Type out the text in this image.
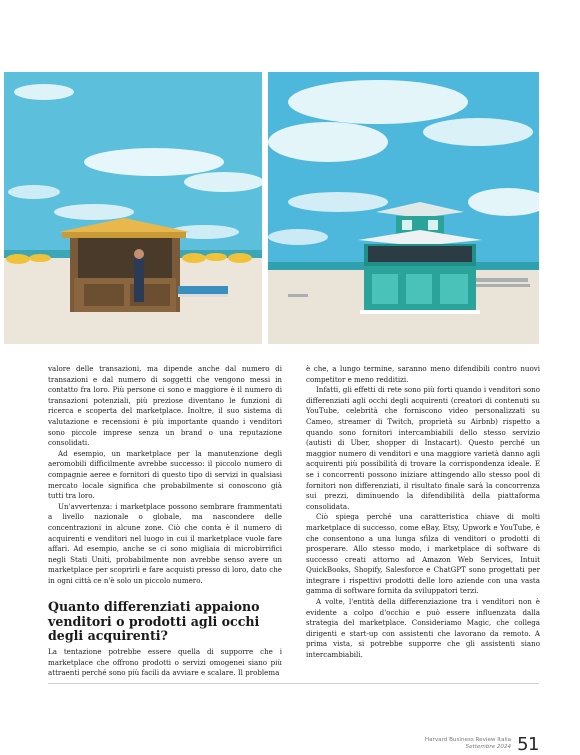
valore delle transazioni, ma dipende anche dal numero di transazioni e dal numero di soggetti che vengono messi in contatto fra loro. Più persone ci sono e maggiore è il numero di transazioni potenziali, più preziose diventano le funzioni di ricerca e scoperta del marketplace. Inoltre, il suo sistema di valutazione e recensioni è più importante quando i venditori sono piccole imprese senza un brand o una reputazione consolidati.

Ad esempio, un marketplace per la manutenzione degli aeromobili difficilmente avrebbe successo: il piccolo numero di compagnie aeree e fornitori di questo tipo di servizi in qualsiasi mercato locale significa che probabilmente si conoscono già tutti tra loro.

Un'avvertenza: i marketplace possono sembrare frammentati a livello nazionale o globale, ma nascondere delle concentrazioni in alcune zone. Ciò che conta è il numero di acquirenti e venditori nel luogo in cui il marketplace vuole fare affari. Ad esempio, anche se ci sono migliaia di microbirrifici negli Stati Uniti, probabilmente non avrebbe senso avere un marketplace per scoprirli e fare acquisti presso di loro, dato che in ogni città ce n'è solo un piccolo numero.

Quanto differenziati appaiono venditori o prodotti agli occhi degli acquirenti?

La tentazione potrebbe essere quella di supporre che i marketplace che offrono prodotti o servizi omogenei siano più attraenti perché sono più facili da avviare e scalare. Il problema

è che, a lungo termine, saranno meno difendibili contro nuovi competitor e meno redditizi.

Infatti, gli effetti di rete sono più forti quando i venditori sono differenziati agli occhi degli acquirenti (creatori di contenuti su YouTube, celebrità che forniscono video personalizzati su Cameo, streamer di Twitch, proprietà su Airbnb) rispetto a quando sono fornitori intercambiabili dello stesso servizio (autisti di Uber, shopper di Instacart). Questo perché un maggior numero di venditori e una maggiore varietà danno agli acquirenti più possibilità di trovare la corrispondenza ideale. E se i concorrenti possono iniziare attingendo allo stesso pool di fornitori non differenziati, il risultato finale sarà la concorrenza sui prezzi, diminuendo la difendibilità della piattaforma consolidata.

Ciò spiega perché una caratteristica chiave di molti marketplace di successo, come eBay, Etsy, Upwork e YouTube, è che consentono a una lunga sfilza di venditori o prodotti di prosperare. Allo stesso modo, i marketplace di software di successo creati attorno ad Amazon Web Services, Intuit QuickBooks, Shopify, Salesforce e ChatGPT sono progettati per integrare i rispettivi prodotti delle loro aziende con una vasta gamma di software fornita da sviluppatori terzi.

A volte, l'entità della differenziazione tra i venditori non è evidente a colpo d'occhio e può essere influenzata dalla strategia del marketplace. Consideriamo Magic, che collega dirigenti e start-up con assistenti che lavorano da remoto. A prima vista, si potrebbe supporre che gli assistenti siano intercambiabili.

Harvard Business Review Italia
Settembre 2024 51
